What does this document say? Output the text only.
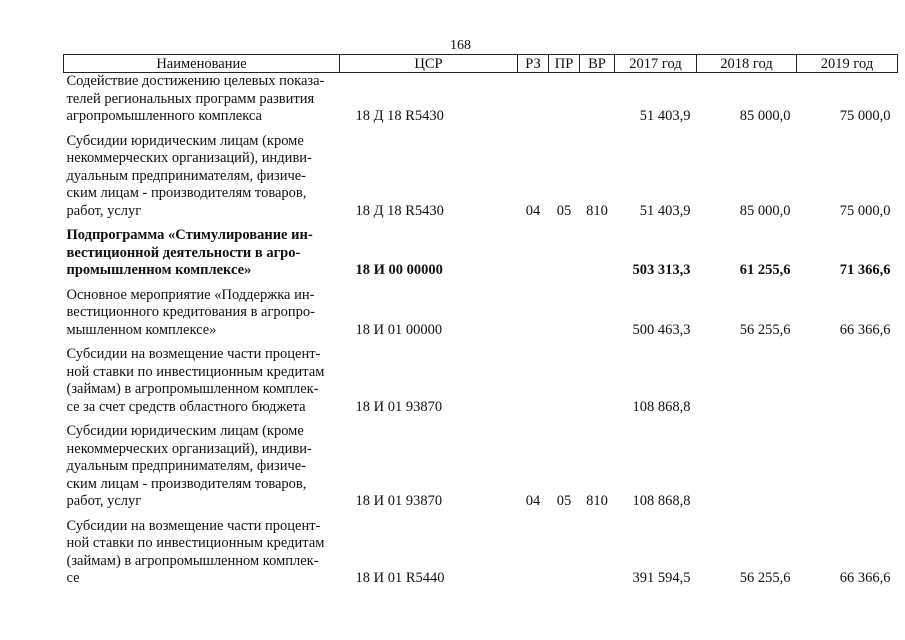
168
Наименование	ЦСР	РЗ	ПР	ВР	2017 год	2018 год	2019 год

Содействие достижению целевых показа-
телей региональных программ развития
агропромышленного комплекса	18 Д 18 R5430				51 403,9	85 000,0	75 000,0

Субсидии юридическим лицам (кроме
некоммерческих организаций), индиви-
дуальным предпринимателям, физиче-
ским лицам - производителям товаров,
работ, услуг	18 Д 18 R5430	04	05	810	51 403,9	85 000,0	75 000,0

Подпрограмма «Стимулирование ин-
вестиционной деятельности в агро-
промышленном комплексе»	18 И 00 00000				503 313,3	61 255,6	71 366,6

Основное мероприятие «Поддержка ин-
вестиционного кредитования в агропро-
мышленном комплексе»	18 И 01 00000				500 463,3	56 255,6	66 366,6

Субсидии на возмещение части процент-
ной ставки по инвестиционным кредитам
(займам) в агропромышленном комплек-
се за счет средств областного бюджета	18 И 01 93870				108 868,8		

Субсидии юридическим лицам (кроме
некоммерческих организаций), индиви-
дуальным предпринимателям, физиче-
ским лицам - производителям товаров,
работ, услуг	18 И 01 93870	04	05	810	108 868,8		

Субсидии на возмещение части процент-
ной ставки по инвестиционным кредитам
(займам) в агропромышленном комплек-
се	18 И 01 R5440				391 594,5	56 255,6	66 366,6
